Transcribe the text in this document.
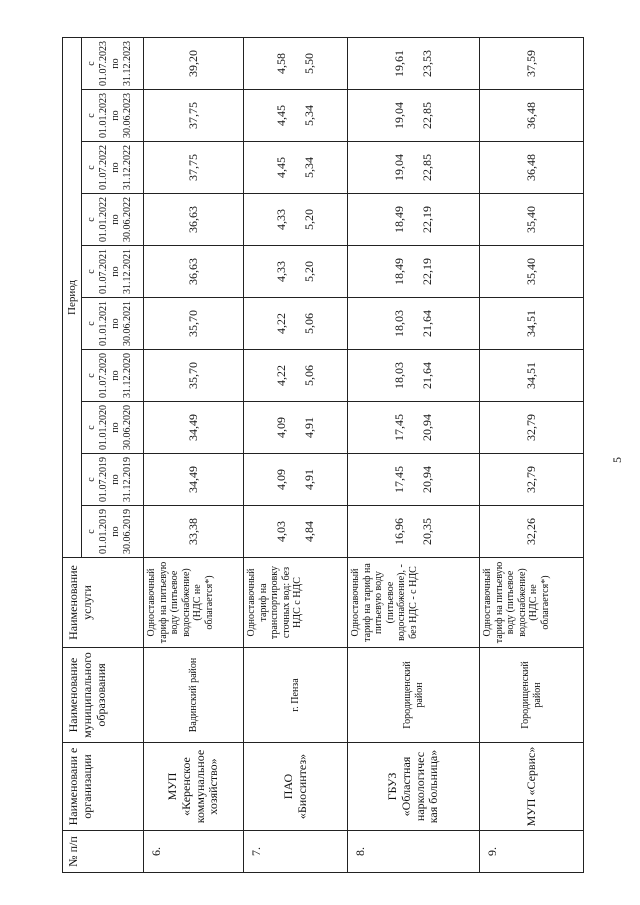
№ п/п	Наименовани е организации	Наименование муниципального образования	Наименование услуги	Период									

				с 01.01.2019 по 30.06.2019	с 01.07.2019 по 31.12.2019	с 01.01.2020 по 30.06.2020	с 01.07.2020 по 31.12.2020	с 01.01.2021 по 30.06.2021	с 01.07.2021 по 31.12.2021	с 01.01.2022 по 30.06.2022	с 01.07.2022 по 31.12.2022	с 01.01.2023 по 30.06.2023	с 01.07.2023 по 31.12.2023

6.	МУП «Керенское коммунальное хозяйство»	Вадинский район	Одноставочный тариф на питьевую воду (питьевое водоснабжение) (НДС не облагается*)	33,38	34,49	34,49	35,70	35,70	36,63	36,63	37,75	37,75	39,20

7.	ПАО «Биосинтез»	г. Пенза	Одноставочный тариф на транспортировку сточных вод: без НДС с НДС	4,03 4,84	4,09 4,91	4,09 4,91	4,22 5,06	4,22 5,06	4,33 5,20	4,33 5,20	4,45 5,34	4,45 5,34	4,58 5,50

8.	ГБУЗ «Областная наркологичес кая больница»	Городищенский район	Одноставочный тариф на тариф на питьевую воду (питьевое водоснабжение), - без НДС - с НДС	16,96 20,35	17,45 20,94	17,45 20,94	18,03 21,64	18,03 21,64	18,49 22,19	18,49 22,19	19,04 22,85	19,04 22,85	19,61 23,53

9.	МУП «Сервис»	Городищенский район	Одноставочный тариф на питьевую воду (питьевое водоснабжение) (НДС не облагается*)	32,26	32,79	32,79	34,51	34,51	35,40	35,40	36,48	36,48	37,59
5
